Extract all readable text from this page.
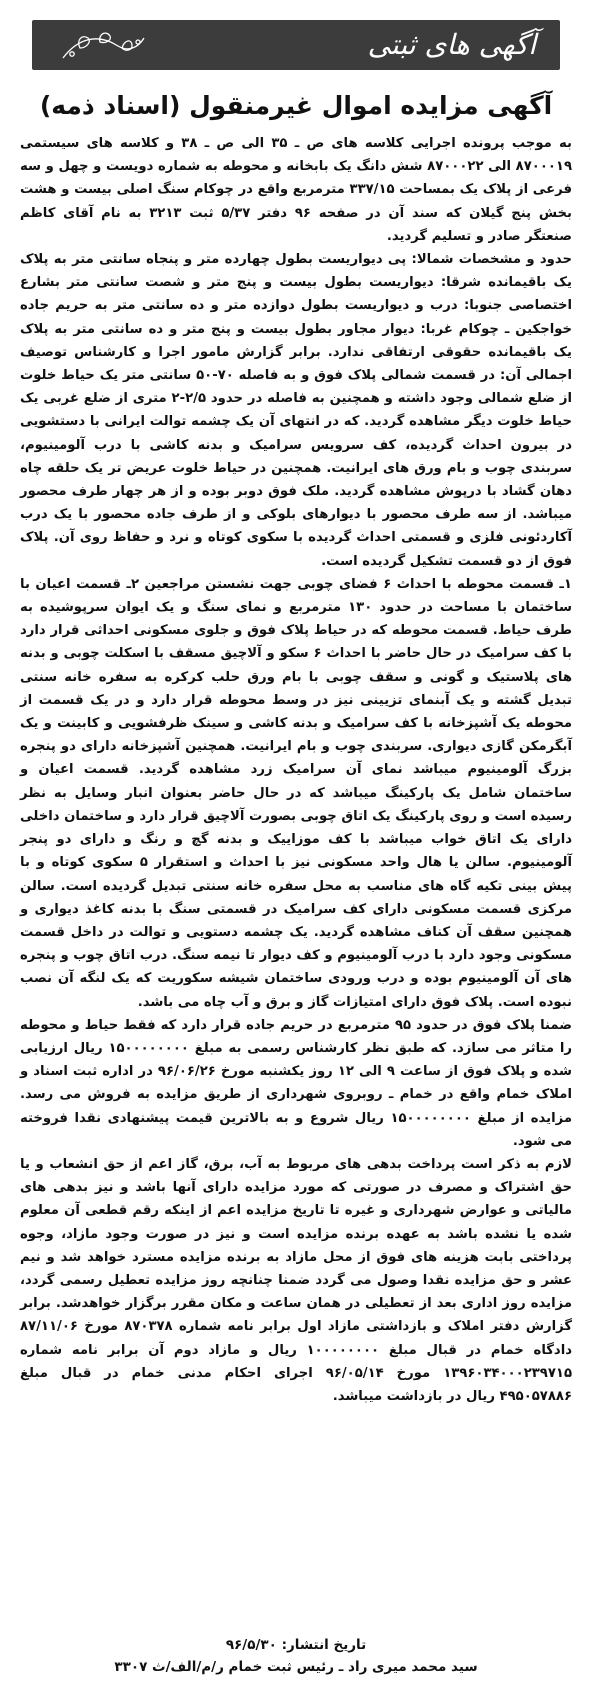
آگهی های ثبتی
آگهی مزایده اموال غیرمنقول (اسناد ذمه)

به موجب پرونده اجرایی کلاسه های ص ـ ۳۵ الی ص ـ ۳۸ و کلاسه های سیستمی ۸۷۰۰۰۱۹ الی ۸۷۰۰۰۲۲ شش دانگ یک بابخانه و محوطه به شماره دویست و چهل و سه فرعی از پلاک یک بمساحت ۳۳۷/۱۵ مترمربع واقع در چوکام سنگ اصلی بیست و هشت بخش پنج گیلان که سند آن در صفحه ۹۶ دفتر ۵/۳۷ ثبت ۳۲۱۳ به نام آقای کاظم صنعتگر صادر و تسلیم گردید.

حدود و مشخصات شمالا: پی دیواریست بطول چهارده متر و پنجاه سانتی متر به پلاک یک باقیمانده شرقا: دیواریست بطول بیست و پنج متر و شصت سانتی متر بشارع اختصاصی جنوبا: درب و دیواریست بطول دوازده متر و ده سانتی متر به حریم جاده خواجکین ـ چوکام غربا: دیوار مجاور بطول بیست و پنج متر و ده سانتی متر به پلاک یک باقیمانده حقوقی ارتفاقی ندارد. برابر گزارش مامور اجرا و کارشناس توصیف اجمالی آن: در قسمت شمالی پلاک فوق و به فاصله ۷۰-۵۰ سانتی متر یک حیاط خلوت از ضلع شمالی وجود داشته و همچنین به فاصله در حدود ۲/۵-۲ متری از ضلع غربی یک حیاط خلوت دیگر مشاهده گردید. که در انتهای آن یک چشمه توالت ایرانی با دستشویی در بیرون احداث گردیده، کف سرویس سرامیک و بدنه کاشی با درب آلومینیوم، سربندی چوب و بام ورق های ایرانیت. همچنین در حیاط خلوت عریض تر یک حلقه چاه دهان گشاد با درپوش مشاهده گردید. ملک فوق دوبر بوده و از هر چهار طرف محصور میباشد. از سه طرف محصور با دیوارهای بلوکی و از طرف جاده محصور با یک درب آکاردئونی فلزی و قسمتی احداث گردیده با سکوی کوتاه و نرد و حفاظ روی آن. پلاک فوق از دو قسمت تشکیل گردیده است.

۱ـ قسمت محوطه با احداث ۶ فضای چوبی جهت نشستن مراجعین ۲ـ قسمت اعیان با ساختمان با مساحت در حدود ۱۳۰ مترمربع و نمای سنگ و یک ایوان سرپوشیده به طرف حیاط. قسمت محوطه که در حیاط پلاک فوق و جلوی مسکونی احداثی قرار دارد با کف سرامیک در حال حاضر با احداث ۶ سکو و آلاچیق مسقف با اسکلت چوبی و بدنه های پلاستیک و گونی و سقف چوبی با بام ورق حلب کرکره به سفره خانه سنتی تبدیل گشته و یک آبنمای تزیینی نیز در وسط محوطه قرار دارد و در یک قسمت از محوطه یک آشپزخانه با کف سرامیک و بدنه کاشی و سینک ظرفشویی و کابینت و یک آبگرمکن گازی دیواری. سربندی چوب و بام ایرانیت. همچنین آشپزخانه دارای دو پنجره بزرگ آلومینیوم میباشد نمای آن سرامیک زرد مشاهده گردید. قسمت اعیان و ساختمان شامل یک پارکینگ میباشد که در حال حاضر بعنوان انبار وسایل به نظر رسیده است و روی پارکینگ یک اتاق چوبی بصورت آلاچیق قرار دارد و ساختمان داخلی دارای یک اتاق خواب میباشد با کف موزاییک و بدنه گچ و رنگ و دارای دو پنجر آلومینیوم. سالن یا هال واحد مسکونی نیز با احداث و استقرار ۵ سکوی کوتاه و با پیش بینی تکیه گاه های مناسب به محل سفره خانه سنتی تبدیل گردیده است. سالن مرکزی قسمت مسکونی دارای کف سرامیک در قسمتی سنگ با بدنه کاغذ دیواری و همچنین سقف آن کناف مشاهده گردید. یک چشمه دستویی و توالت در داخل قسمت مسکونی وجود دارد با درب آلومینیوم و کف دیوار تا نیمه سنگ. درب اتاق چوب و پنجره های آن آلومینیوم بوده و درب ورودی ساختمان شیشه سکوریت که یک لنگه آن نصب نبوده است. پلاک فوق دارای امتیازات گاز و برق و آب چاه می باشد.

ضمنا پلاک فوق در حدود ۹۵ مترمربع در حریم جاده قرار دارد که فقط حیاط و محوطه را متاثر می سازد. که طبق نظر کارشناس رسمی به مبلغ ۱۵۰۰۰۰۰۰۰۰ ریال ارزیابی شده و پلاک فوق از ساعت ۹ الی ۱۲ روز یکشنبه مورخ ۹۶/۰۶/۲۶ در اداره ثبت اسناد و املاک خمام واقع در خمام ـ روبروی شهرداری از طریق مزایده به فروش می رسد. مزایده از مبلغ ۱۵۰۰۰۰۰۰۰۰ ریال شروع و به بالاترین قیمت پیشنهادی نقدا فروخته می شود.

لازم به ذکر است پرداخت بدهی های مربوط به آب، برق، گاز اعم از حق انشعاب و یا حق اشتراک و مصرف در صورتی که مورد مزایده دارای آنها باشد و نیز بدهی های مالیاتی و عوارض شهرداری و غیره تا تاریخ مزایده اعم از اینکه رقم قطعی آن معلوم شده یا نشده باشد به عهده برنده مزایده است و نیز در صورت وجود مازاد، وجوه پرداختی بابت هزینه های فوق از محل مازاد به برنده مزایده مسترد خواهد شد و نیم عشر و حق مزایده نقدا وصول می گردد ضمنا چنانچه روز مزایده تعطیل رسمی گردد، مزایده روز اداری بعد از تعطیلی در همان ساعت و مکان مقرر برگزار خواهدشد. برابر گزارش دفتر املاک و بازداشتی مازاد اول برابر نامه شماره ۸۷۰۳۷۸ مورخ ۸۷/۱۱/۰۶ دادگاه خمام در قبال مبلغ ۱۰۰۰۰۰۰۰۰ ریال و مازاد دوم آن برابر نامه شماره ۱۳۹۶۰۳۴۰۰۰۲۳۹۷۱۵ مورخ ۹۶/۰۵/۱۴ اجرای احکام مدنی خمام در قبال مبلغ ۴۹۵۰۵۷۸۸۶ ریال در بازداشت میباشد.

تاریخ انتشار: ۹۶/۵/۳۰
سید محمد میری راد ـ رئیس ثبت خمام ر/م/الف/ث ۳۳۰۷
